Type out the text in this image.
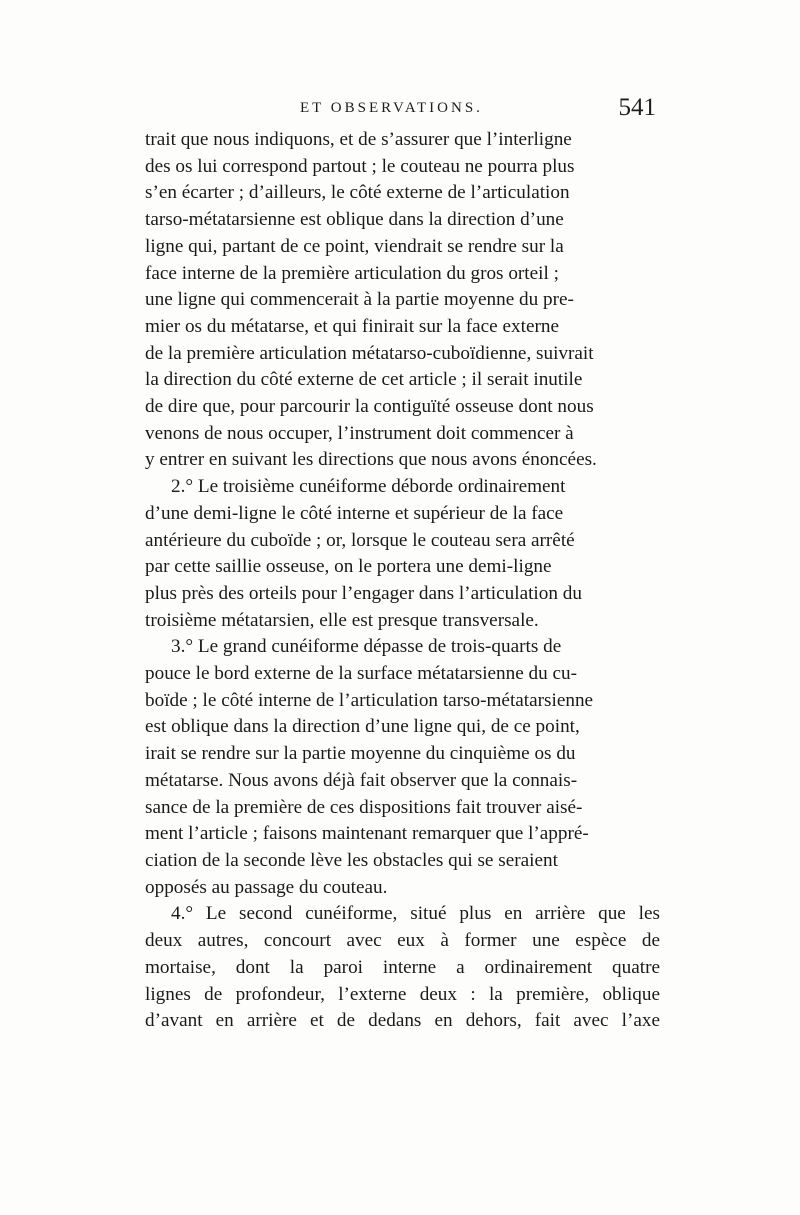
ET OBSERVATIONS.	541

trait que nous indiquons, et de s’assurer que l’interligne
des os lui correspond partout ; le couteau ne pourra plus
s’en écarter ; d’ailleurs, le côté externe de l’articulation
tarso-métatarsienne est oblique dans la direction d’une
ligne qui, partant de ce point, viendrait se rendre sur la
face interne de la première articulation du gros orteil ;
une ligne qui commencerait à la partie moyenne du pre-
mier os du métatarse, et qui finirait sur la face externe
de la première articulation métatarso-cuboïdienne, suivrait
la direction du côté externe de cet article ; il serait inutile
de dire que, pour parcourir la contiguïté osseuse dont nous
venons de nous occuper, l’instrument doit commencer à
y entrer en suivant les directions que nous avons énoncées.

2.° Le troisième cunéiforme déborde ordinairement
d’une demi-ligne le côté interne et supérieur de la face
antérieure du cuboïde ; or, lorsque le couteau sera arrêté
par cette saillie osseuse, on le portera une demi-ligne
plus près des orteils pour l’engager dans l’articulation du
troisième métatarsien, elle est presque transversale.

3.° Le grand cunéiforme dépasse de trois-quarts de
pouce le bord externe de la surface métatarsienne du cu-
boïde ; le côté interne de l’articulation tarso-métatarsienne
est oblique dans la direction d’une ligne qui, de ce point,
irait se rendre sur la partie moyenne du cinquième os du
métatarse. Nous avons déjà fait observer que la connais-
sance de la première de ces dispositions fait trouver aisé-
ment l’article ; faisons maintenant remarquer que l’appré-
ciation de la seconde lève les obstacles qui se seraient
opposés au passage du couteau.

4.° Le second cunéiforme, situé plus en arrière que les
deux autres, concourt avec eux à former une espèce de
mortaise, dont la paroi interne a ordinairement quatre
lignes de profondeur, l’externe deux : la première, oblique
d’avant en arrière et de dedans en dehors, fait avec l’axe
